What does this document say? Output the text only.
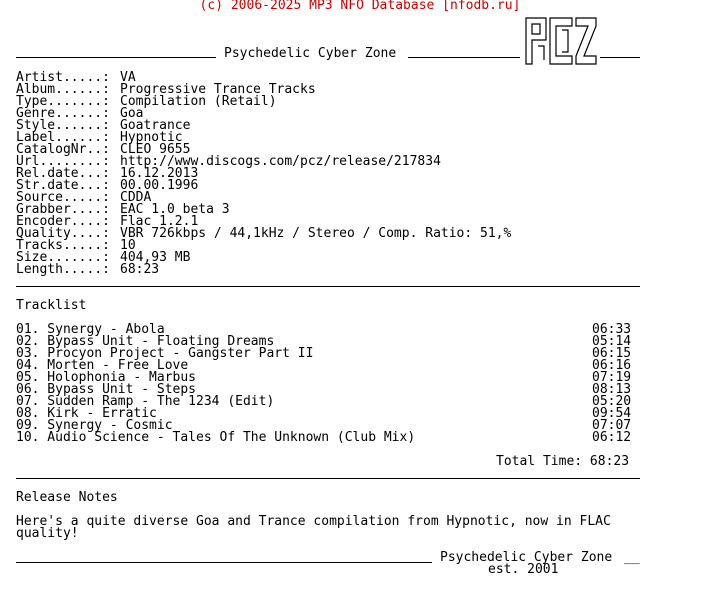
(c) 2006-2025 MP3 NFO Database [nfodb.ru]
Psychedelic Cyber Zone
PCZ
Artist.....: VA
Album......: Progressive Trance Tracks
Type.......: Compilation (Retail)
Genre......: Goa
Style......: Goatrance
Label......: Hypnotic
CatalogNr..: CLEO 9655
Url........: http://www.discogs.com/pcz/release/217834
Rel.date...: 16.12.2013
Str.date...: 00.00.1996
Source.....: CDDA
Grabber....: EAC 1.0 beta 3
Encoder....: Flac 1.2.1
Quality....: VBR 726kbps / 44,1kHz / Stereo / Comp. Ratio: 51,%
Tracks.....: 10
Size.......: 404,93 MB
Length.....: 68:23
Tracklist
01. Synergy - Abola	06:33
02. Bypass Unit - Floating Dreams	05:14
03. Procyon Project - Gangster Part II	06:15
04. Morten - Free Love	06:16
05. Holophonia - Marbus	07:19
06. Bypass Unit - Steps	08:13
07. Sudden Ramp - The 1234 (Edit)	05:20
08. Kirk - Erratic	09:54
09. Synergy - Cosmic	07:07
10. Audio Science - Tales Of The Unknown (Club Mix)	06:12
Total Time: 68:23
Release Notes
Here's a quite diverse Goa and Trance compilation from Hypnotic, now in FLAC
quality!
Psychedelic Cyber Zone __
est. 2001
